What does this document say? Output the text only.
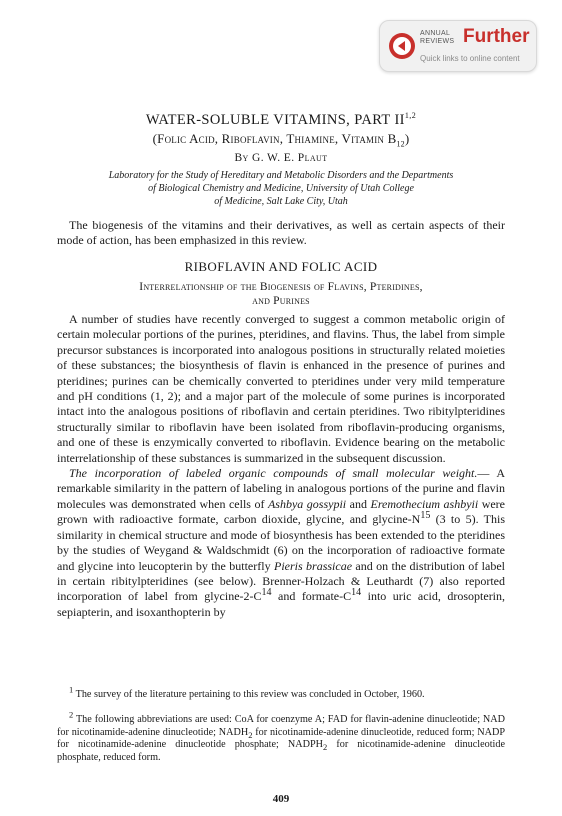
ANNUAL
REVIEWS Further
Quick links to online content
WATER-SOLUBLE VITAMINS, PART II$^{1,2}$
(Folic Acid, Riboflavin, Thiamine, Vitamin $B_{12}$)
By G. W. E. Plaut
Laboratory for the Study of Hereditary and Metabolic Disorders and the Departments
of Biological Chemistry and Medicine, University of Utah College
of Medicine, Salt Lake City, Utah

The biogenesis of the vitamins and their derivatives, as well as certain aspects of their mode of action, has been emphasized in this review.

RIBOFLAVIN AND FOLIC ACID
Interrelationship of the Biogenesis of Flavins, Pteridines,
and Purines

A number of studies have recently converged to suggest a common metabolic origin of certain molecular portions of the purines, pteridines, and flavins. Thus, the label from simple precursor substances is incorporated into analogous positions in structurally related moieties of these substances; the biosynthesis of flavin is enhanced in the presence of purines and pteridines; purines can be chemically converted to pteridines under very mild temperature and pH conditions (1, 2); and a major part of the molecule of some purines is incorporated intact into the analogous positions of riboflavin and certain pteridines. Two ribitylpteridines structurally similar to riboflavin have been isolated from riboflavin-producing organisms, and one of these is enzymically converted to riboflavin. Evidence bearing on the metabolic interrelationship of these substances is summarized in the subsequent discussion.

The incorporation of labeled organic compounds of small molecular weight.— A remarkable similarity in the pattern of labeling in analogous portions of the purine and flavin molecules was demonstrated when cells of Ashbya gossypii and Eremothecium ashbyii were grown with radioactive formate, carbon dioxide, glycine, and glycine-$N^{15}$ (3 to 5). This similarity in chemical structure and mode of biosynthesis has been extended to the pteridines by the studies of Weygand & Waldschmidt (6) on the incorporation of radioactive formate and glycine into leucopterin by the butterfly Pieris brassicae and on the distribution of label in certain ribitylpteridines (see below). Brenner-Holzach & Leuthardt (7) also reported incorporation of label from glycine-$2-C^{14}$ and formate-$C^{14}$ into uric acid, drosopterin, sepiapterin, and isoxanthopterin by

$^1$ The survey of the literature pertaining to this review was concluded in October, 1960.

$^2$ The following abbreviations are used: CoA for coenzyme A; FAD for flavin-adenine dinucleotide; NAD for nicotinamide-adenine dinucleotide; $NADH_2$ for nicotinamide-adenine dinucleotide, reduced form; NADP for nicotinamide-adenine dinucleotide phosphate; $NADPH_2$ for nicotinamide-adenine dinucleotide phosphate, reduced form.

409
